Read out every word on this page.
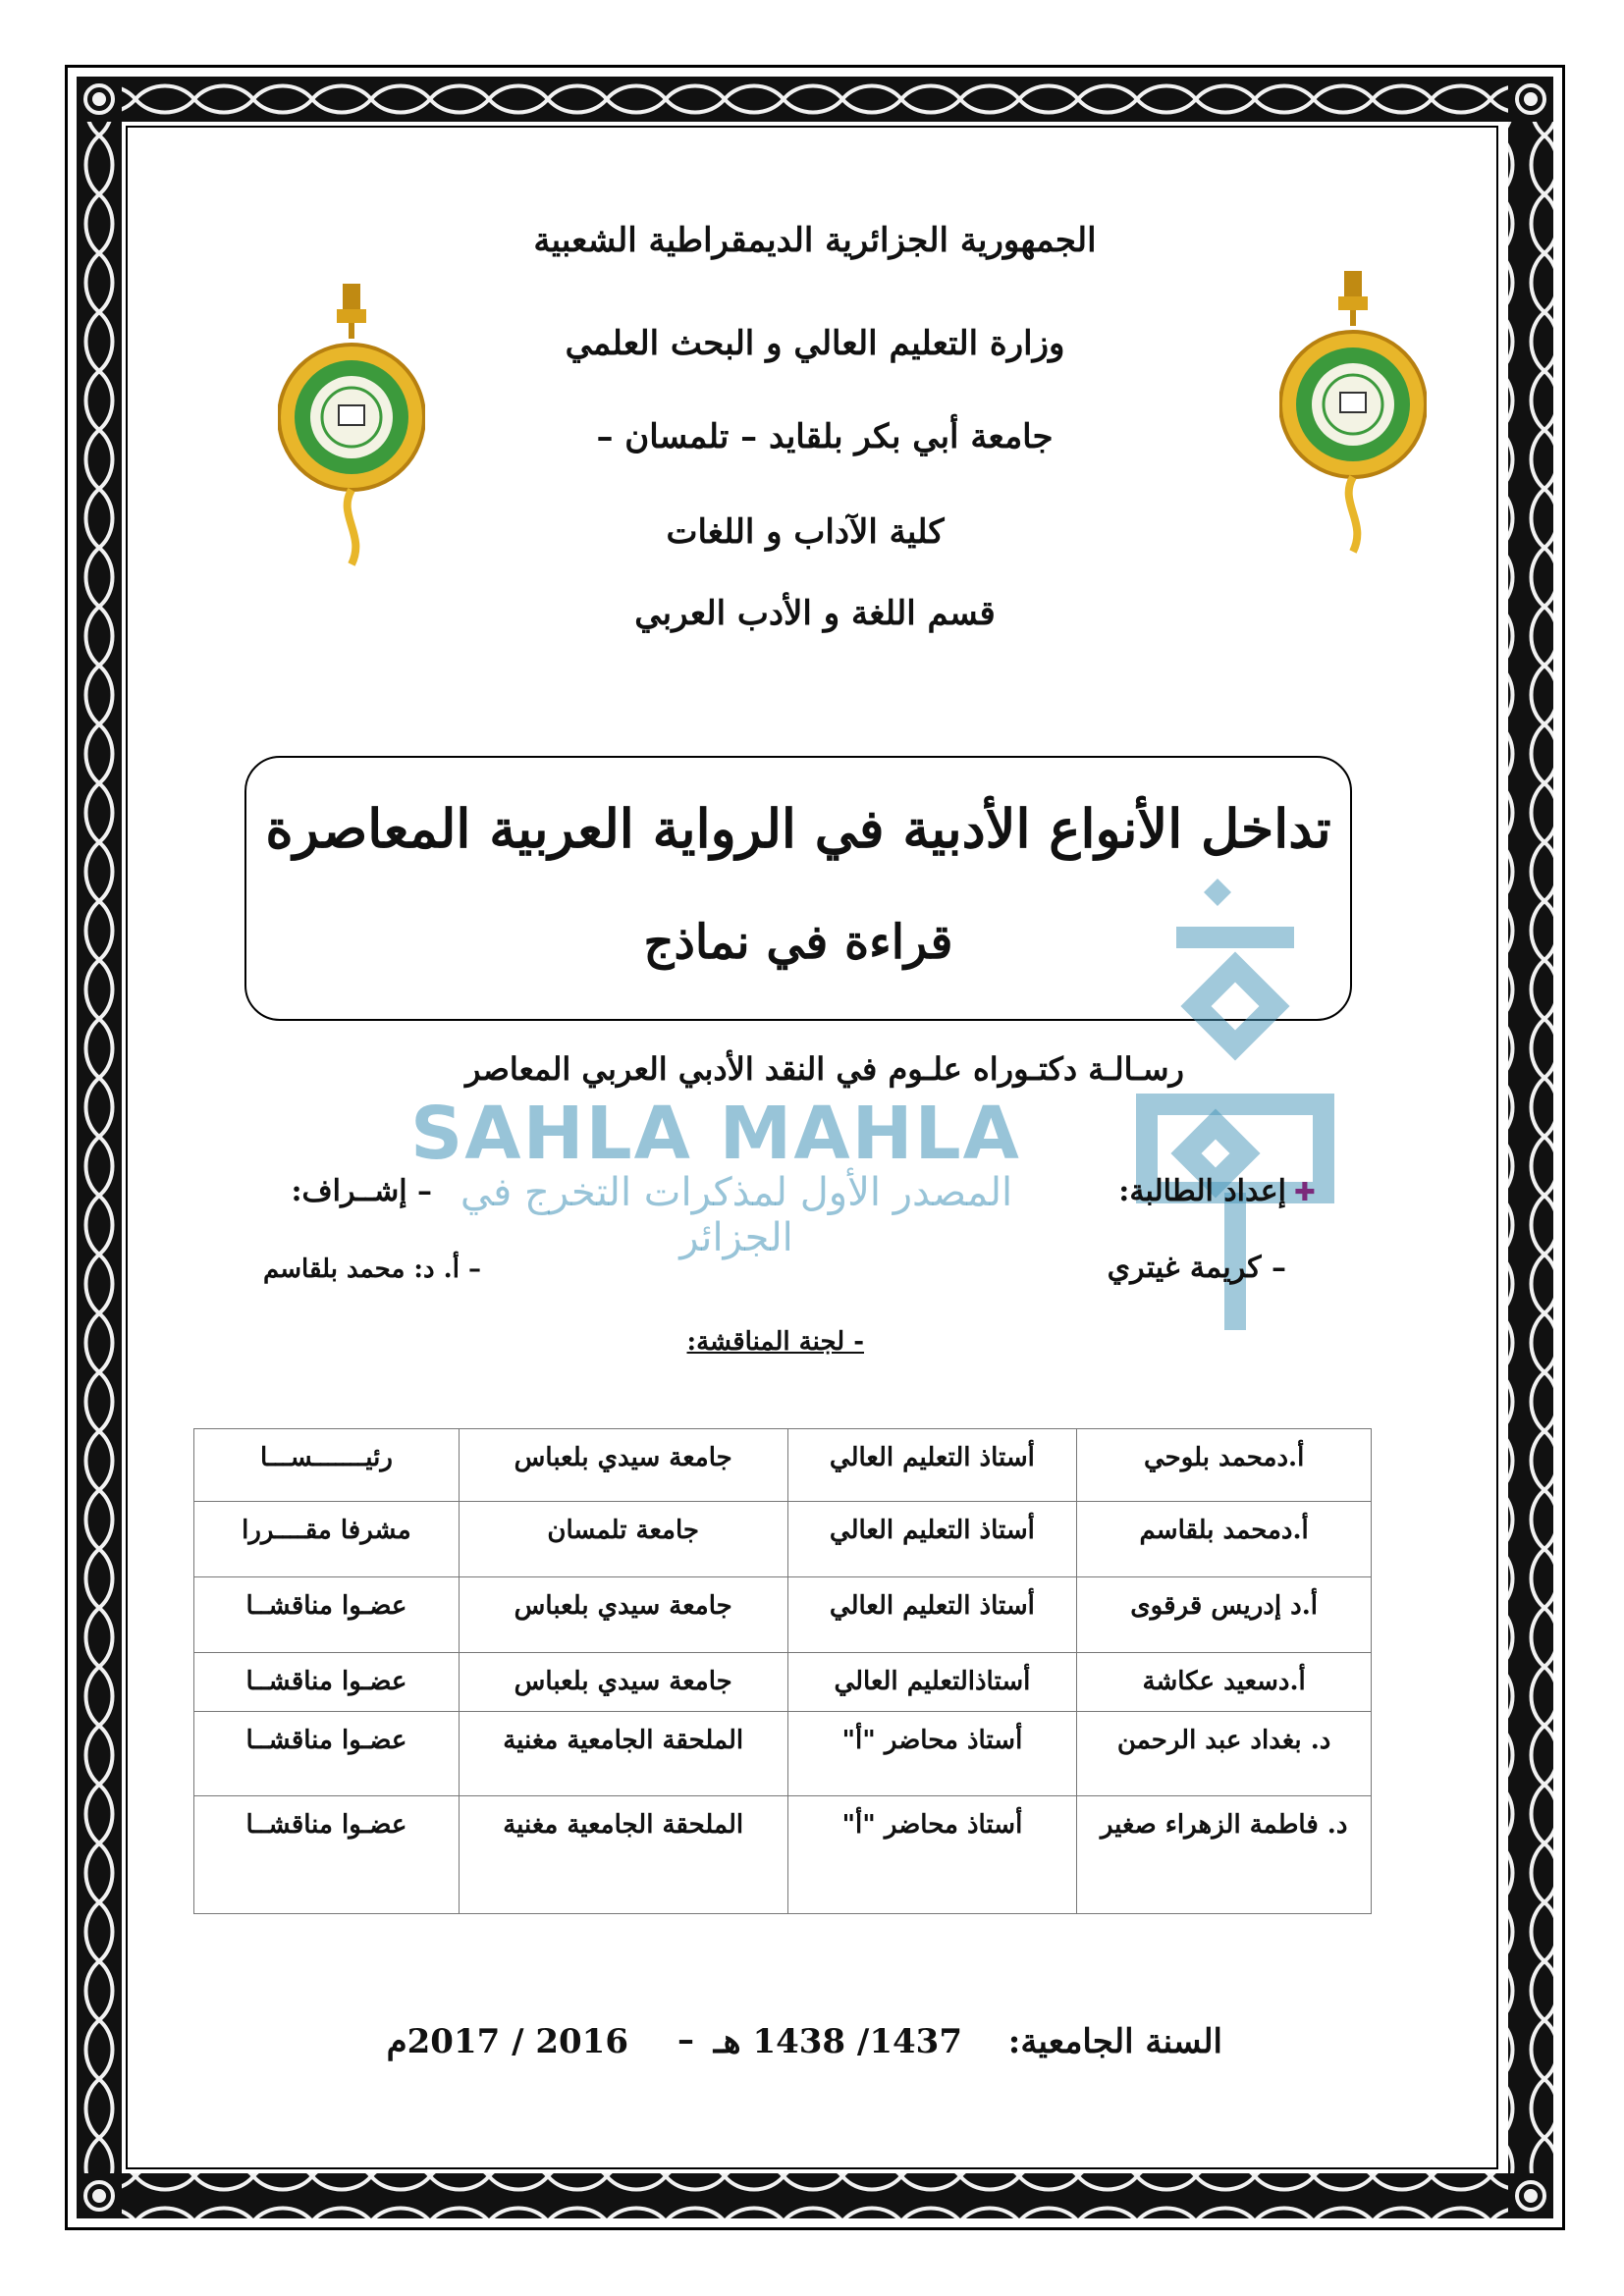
الجمهورية الجزائرية الديمقراطية الشعبية
وزارة التعليم العالي و البحث العلمي
جامعة أبي بكر بلقايد – تلمسان –
كلية الآداب و اللغات
قسم اللغة و الأدب العربي
تداخل الأنواع الأدبية في الرواية العربية المعاصرة
قراءة في نماذج
رسـالـة دكتـوراه علـوم في النقد الأدبي العربي المعاصر
SAHLA MAHLA
المصدر الأول لمذكرات التخرج في الجزائر
✚
إعداد الطالبة:
– إشــراف:
– كريمة غيتري
– أ. د: محمد بلقاسم
- لجنة المناقشة:
أ.دمحمد بلوحي	أستاذ التعليم العالي	جامعة سيدي بلعباس	رئيـــــــســـا
أ.دمحمد بلقاسم	أستاذ التعليم العالي	جامعة تلمسان	مشرفا مقــــررا
أ.د إدريس قرقوى	أستاذ التعليم العالي	جامعة سيدي بلعباس	عضـوا مناقشــا
أ.دسعيد عكاشة	أستاذالتعليم العالي	جامعة سيدي بلعباس	عضـوا مناقشــا
د. بغداد عبد الرحمن	أستاذ محاضر "أ"	الملحقة الجامعية مغنية	عضـوا مناقشــا
د. فاطمة الزهراء صغير	أستاذ محاضر "أ"	الملحقة الجامعية مغنية	عضـوا مناقشــا
السنة الجامعية:
1437/ 1438 هـ
–
2016 / 2017م
